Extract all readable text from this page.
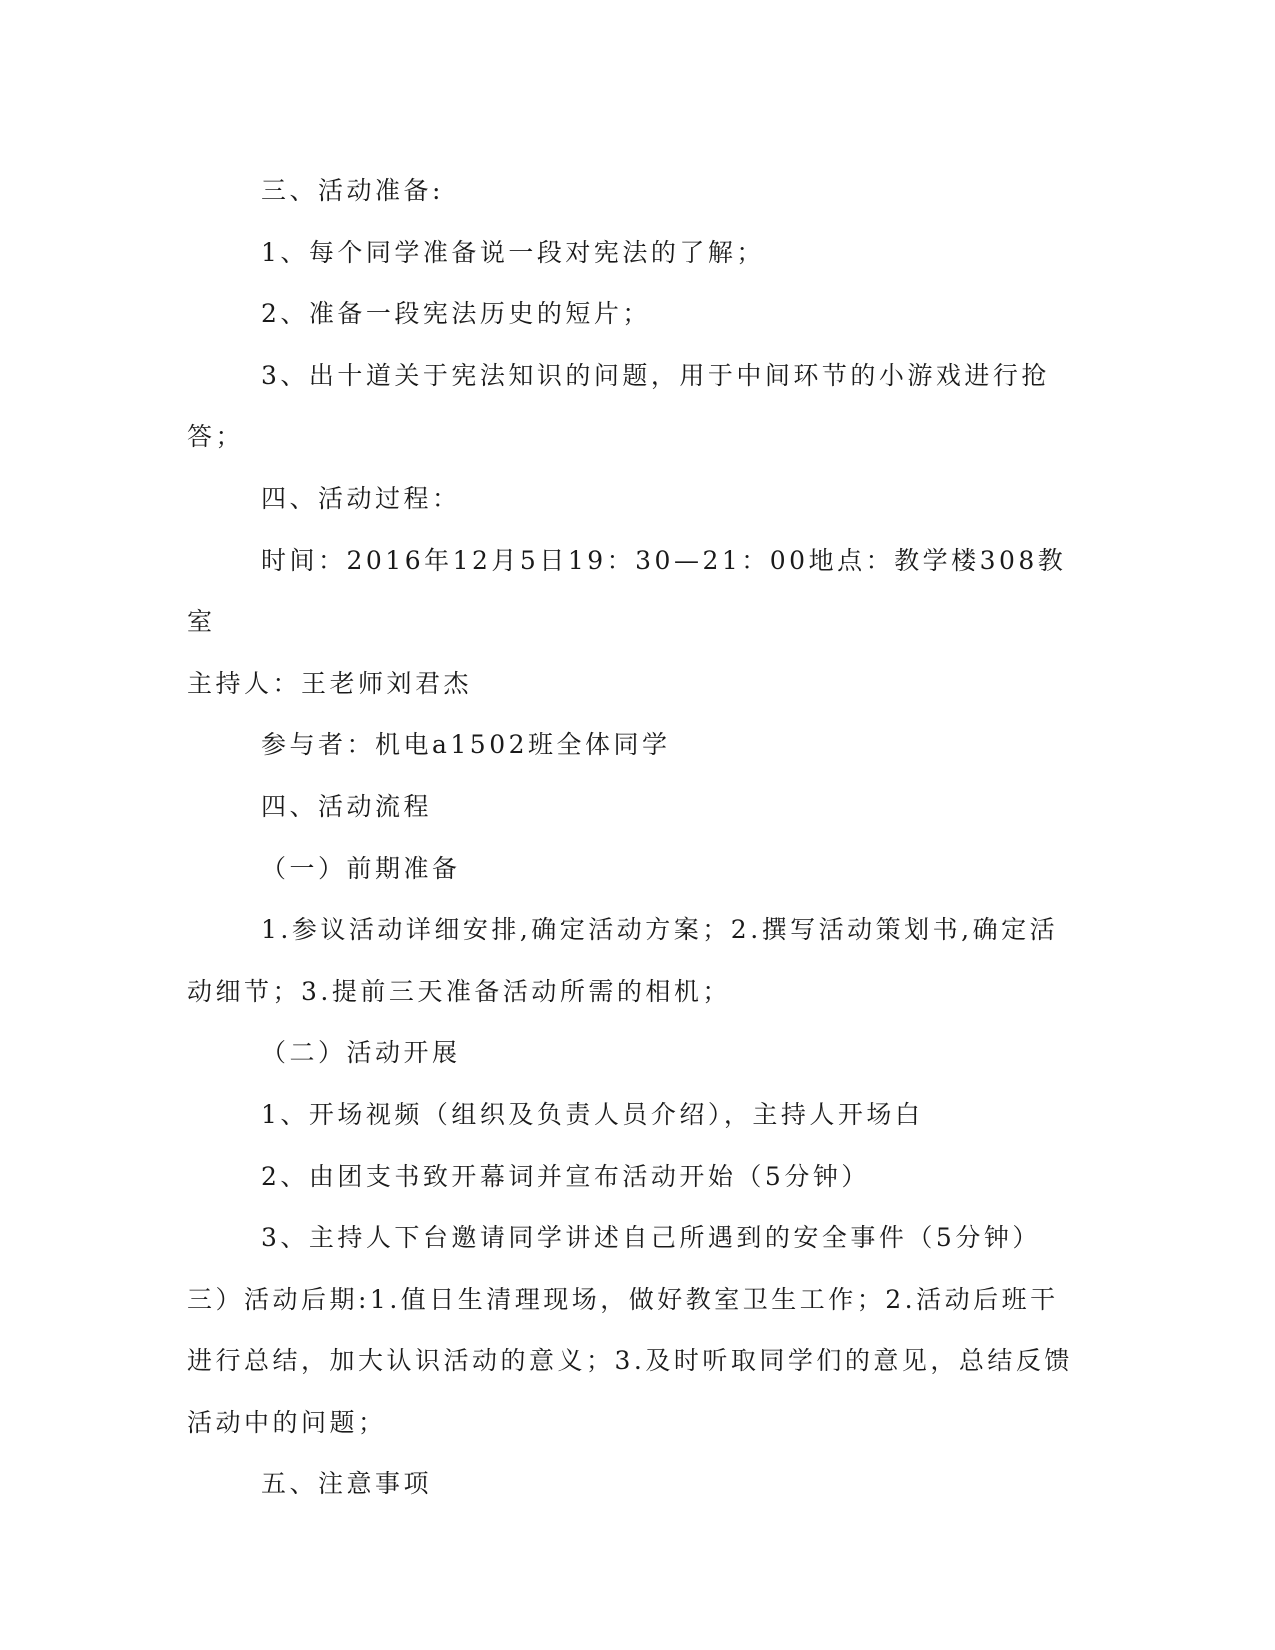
三、活动准备:

1、每个同学准备说一段对宪法的了解；

2、准备一段宪法历史的短片；

3、出十道关于宪法知识的问题，用于中间环节的小游戏进行抢答；

四、活动过程：

时间：2016年12月5日19：30—21：00地点：教学楼308教室

主持人：王老师刘君杰

参与者：机电a1502班全体同学

四、活动流程

（一）前期准备

1.参议活动详细安排,确定活动方案；2.撰写活动策划书,确定活动细节；3.提前三天准备活动所需的相机；

（二）活动开展

1、开场视频（组织及负责人员介绍），主持人开场白

2、由团支书致开幕词并宣布活动开始（5分钟）

3、主持人下台邀请同学讲述自己所遇到的安全事件（5分钟）三）活动后期:1.值日生清理现场，做好教室卫生工作；2.活动后班干进行总结，加大认识活动的意义；3.及时听取同学们的意见，总结反馈活动中的问题；

五、注意事项
